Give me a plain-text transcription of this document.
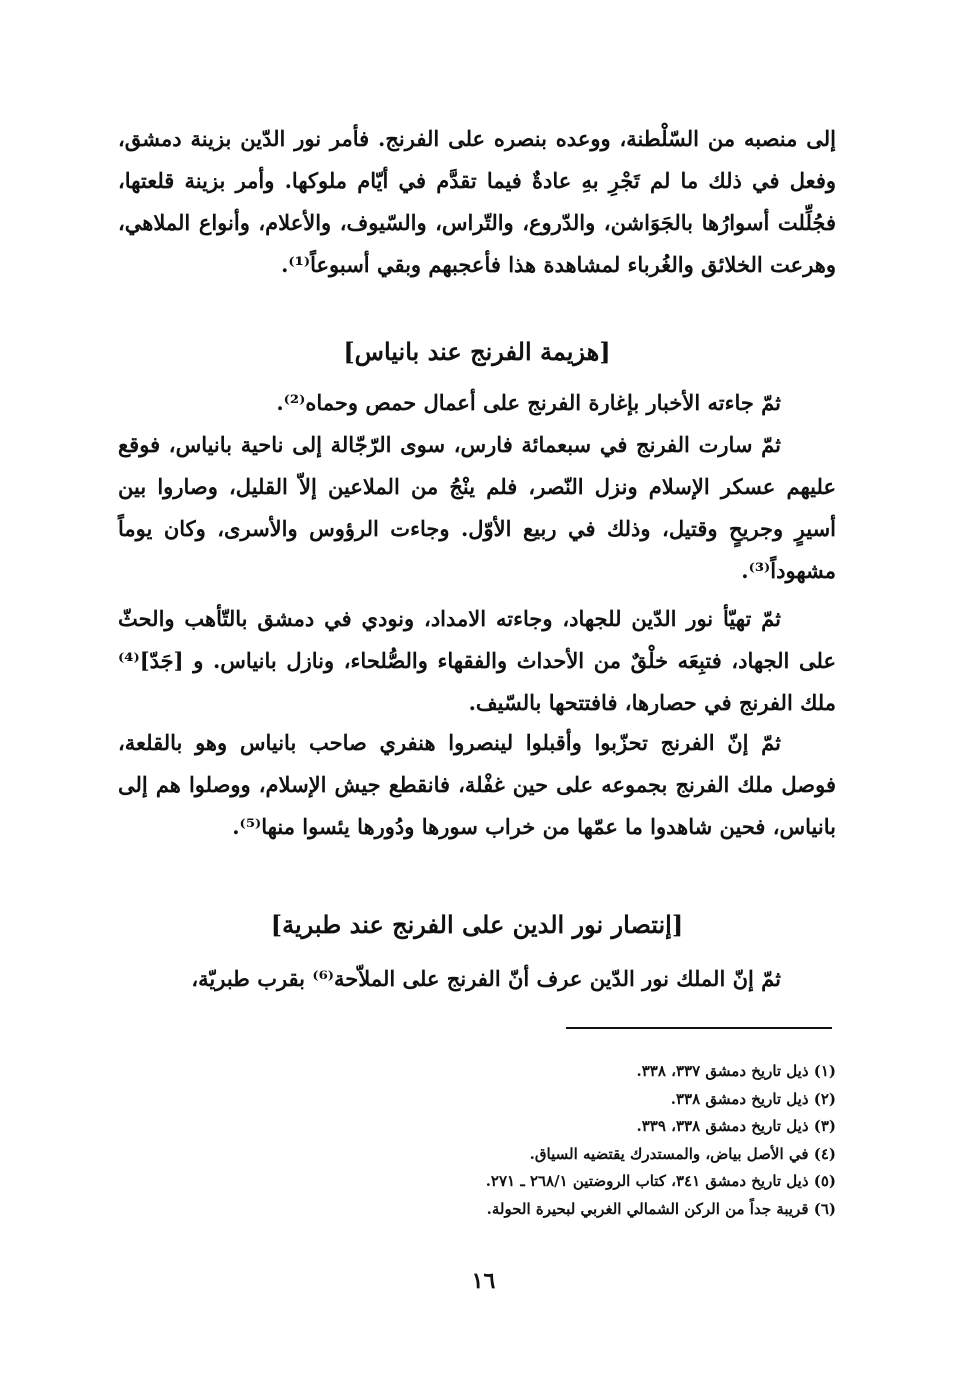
إلى منصبه من السّلْطنة، ووعده بنصره على الفرنج. فأمر نور الدّين بزينة دمشق، وفعل في ذلك ما لم تَجْرِ بهِ عادةٌ فيما تقدَّم في أيّام ملوكها. وأمر بزينة قلعتها، فجُلِّلت أسوارُها بالجَوَاشن، والدّروع، والتّراس، والسّيوف، والأعلام، وأنواع الملاهي، وهرعت الخلائق والغُرباء لمشاهدة هذا فأعجبهم وبقي أسبوعاً⁽¹⁾.
[هزيمة الفرنج عند بانياس]
ثمّ جاءته الأخبار بإغارة الفرنج على أعمال حمص وحماه⁽²⁾.
ثمّ سارت الفرنج في سبعمائة فارس، سوى الرّجّالة إلى ناحية بانياس، فوقع عليهم عسكر الإسلام ونزل النّصر، فلم ينْجُ من الملاعين إلاّ القليل، وصاروا بين أسيرٍ وجريحٍ وقتيل، وذلك في ربيع الأوّل. وجاءت الرؤوس والأسرى، وكان يوماً مشهوداً⁽³⁾.
ثمّ تهيّأ نور الدّين للجهاد، وجاءته الامداد، ونودي في دمشق بالتّأهب والحثّ على الجهاد، فتبِعَه خلْقٌ من الأحداث والفقهاء والصُّلحاء، ونازل بانياس. و [جَدّ]⁽⁴⁾ ملك الفرنج في حصارها، فافتتحها بالسّيف.
ثمّ إنّ الفرنج تحزّبوا وأقبلوا لينصروا هنفري صاحب بانياس وهو بالقلعة، فوصل ملك الفرنج بجموعه على حين غفْلة، فانقطع جيش الإسلام، ووصلوا هم إلى بانياس، فحين شاهدوا ما عمّها من خراب سورها ودُورها يئسوا منها⁽⁵⁾.
[إنتصار نور الدين على الفرنج عند طبرية]
ثمّ إنّ الملك نور الدّين عرف أنّ الفرنج على الملاّحة⁽⁶⁾ بقرب طبريّة،
(١) ذيل تاريخ دمشق ٣٣٧، ٣٣٨.
(٢) ذيل تاريخ دمشق ٣٣٨.
(٣) ذيل تاريخ دمشق ٣٣٨، ٣٣٩.
(٤) في الأصل بياض، والمستدرك يقتضيه السياق.
(٥) ذيل تاريخ دمشق ٣٤١، كتاب الروضتين ٢٦٨/١ ـ ٢٧١.
(٦) قريبة جداً من الركن الشمالي الغربي لبحيرة الحولة.
١٦
